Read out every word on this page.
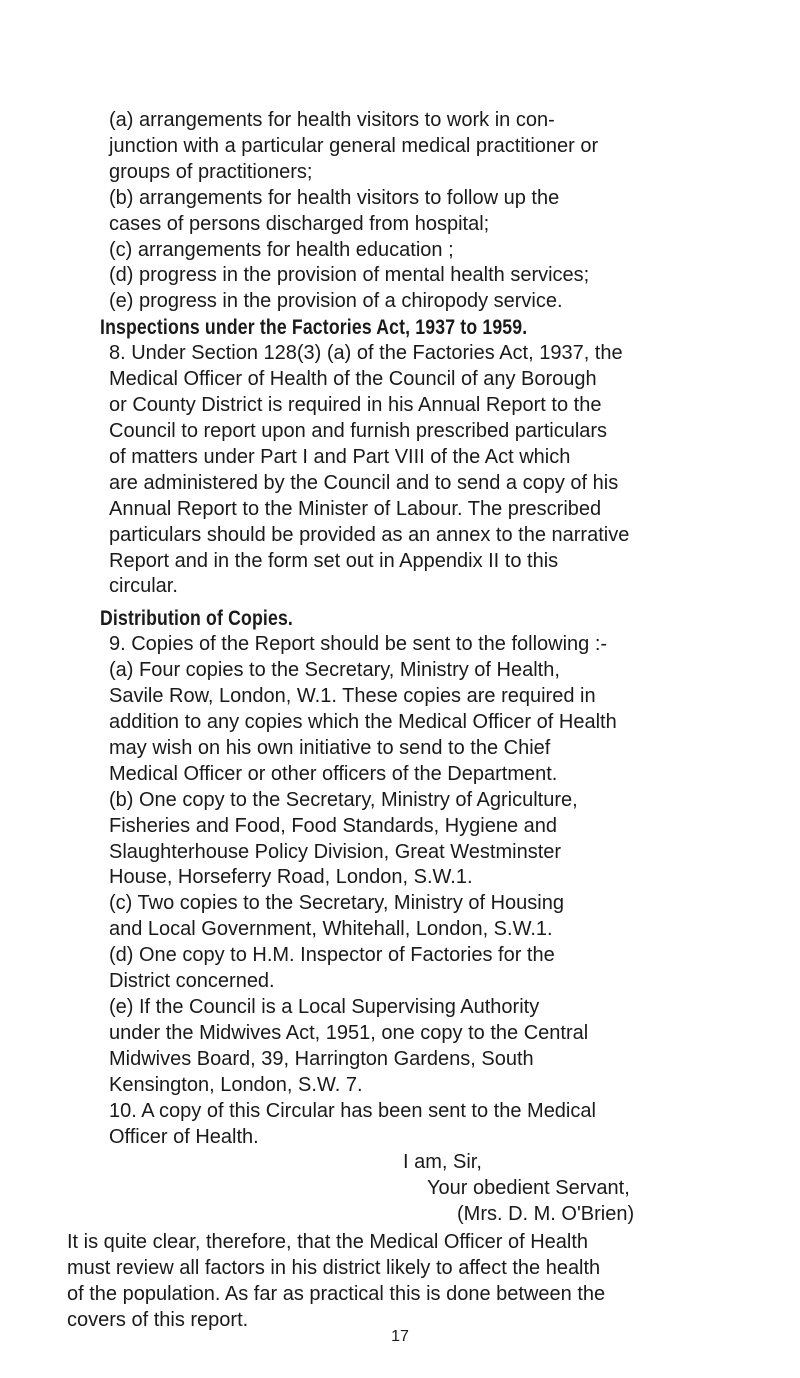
(a) arrangements for health visitors to work in con-

junction with a particular general medical practitioner or

groups of practitioners;

(b) arrangements for health visitors to follow up the

cases of persons discharged from hospital;

(c) arrangements for health education ;

(d) progress in the provision of mental health services;

(e) progress in the provision of a chiropody service.

Inspections under the Factories Act, 1937 to 1959.

8. Under Section 128(3) (a) of the Factories Act, 1937, the

Medical Officer of Health of the Council of any Borough

or County District is required in his Annual Report to the

Council to report upon and furnish prescribed particulars

of matters under Part I and Part VIII of the Act which

are administered by the Council and to send a copy of his

Annual Report to the Minister of Labour. The prescribed

particulars should be provided as an annex to the narrative

Report and in the form set out in Appendix II to this

circular.

Distribution of Copies.

9. Copies of the Report should be sent to the following :-

(a) Four copies to the Secretary, Ministry of Health,

Savile Row, London, W.1. These copies are required in

addition to any copies which the Medical Officer of Health

may wish on his own initiative to send to the Chief

Medical Officer or other officers of the Department.

(b) One copy to the Secretary, Ministry of Agriculture,

Fisheries and Food, Food Standards, Hygiene and

Slaughterhouse Policy Division, Great Westminster

House, Horseferry Road, London, S.W.1.

(c) Two copies to the Secretary, Ministry of Housing

and Local Government, Whitehall, London, S.W.1.

(d) One copy to H.M. Inspector of Factories for the

District concerned.

(e) If the Council is a Local Supervising Authority

under the Midwives Act, 1951, one copy to the Central

Midwives Board, 39, Harrington Gardens, South

Kensington, London, S.W. 7.

10. A copy of this Circular has been sent to the Medical

Officer of Health.

I am, Sir,

Your obedient Servant,

(Mrs. D. M. O'Brien)

It is quite clear, therefore, that the Medical Officer of Health

must review all factors in his district likely to affect the health

of the population. As far as practical this is done between the

covers of this report.

17
